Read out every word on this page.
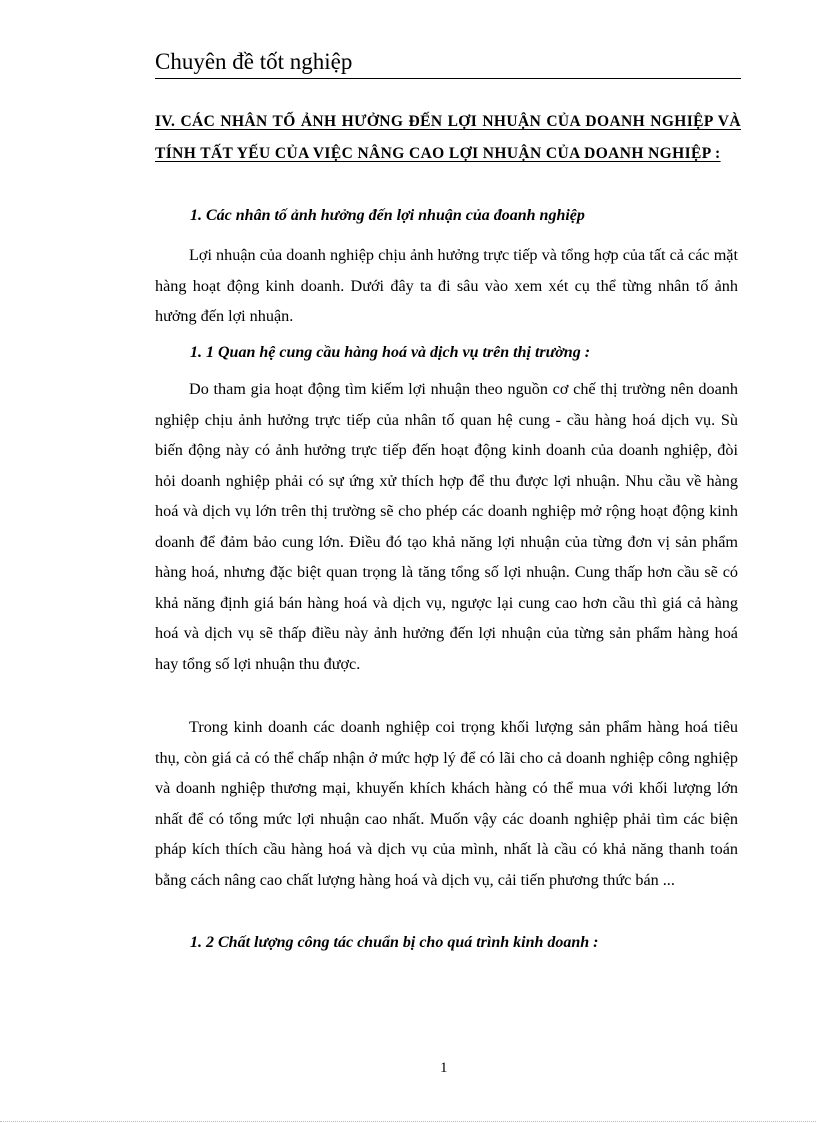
Chuyên đề tốt nghiệp
IV. CÁC NHÂN TỐ ẢNH HƯỞNG ĐẾN LỢI NHUẬN CỦA DOANH NGHIỆP VÀ TÍNH TẤT YẾU CỦA VIỆC NÂNG CAO LỢI NHUẬN CỦA DOANH NGHIỆP :
1. Các nhân tố ảnh hưởng đến lợi nhuận của đoanh nghiệp

Lợi nhuận của doanh nghiệp chịu ảnh hưởng trực tiếp và tổng hợp của tất cả các mặt hàng hoạt động kinh doanh. Dưới đây ta đi sâu vào xem xét cụ thể từng nhân tố ảnh hưởng đến lợi nhuận.

1. 1 Quan hệ cung cầu hàng hoá và dịch vụ trên thị trường :

Do tham gia hoạt động tìm kiếm lợi nhuận theo nguồn cơ chế thị trường nên doanh nghiệp chịu ảnh hưởng trực tiếp của nhân tố quan hệ cung - cầu hàng hoá dịch vụ. Sù biến động này có ảnh hưởng trực tiếp đến hoạt động kinh doanh của doanh nghiệp, đòi hỏi doanh nghiệp phải có sự ứng xử thích hợp để thu được lợi nhuận. Nhu cầu về hàng hoá và dịch vụ lớn trên thị trường sẽ cho phép các doanh nghiệp mở rộng hoạt động kinh doanh để đảm bảo cung lớn. Điều đó tạo khả năng lợi nhuận của từng đơn vị sản phẩm hàng hoá, nhưng đặc biệt quan trọng là tăng tổng số lợi nhuận. Cung thấp hơn cầu sẽ có khả năng định giá bán hàng hoá và dịch vụ, ngược lại cung cao hơn cầu thì giá cả hàng hoá và dịch vụ sẽ thấp điều này ảnh hưởng đến lợi nhuận của từng sản phẩm hàng hoá hay tổng số lợi nhuận thu được.

Trong kinh doanh các doanh nghiệp coi trọng khối lượng sản phẩm hàng hoá tiêu thụ, còn giá cả có thể chấp nhận ở mức hợp lý để có lãi cho cả doanh nghiệp công nghiệp và doanh nghiệp thương mại, khuyến khích khách hàng có thể mua với khối lượng lớn nhất để có tổng mức lợi nhuận cao nhất. Muốn vậy các doanh nghiệp phải tìm các biện pháp kích thích cầu hàng hoá và dịch vụ của mình, nhất là cầu có khả năng thanh toán bằng cách nâng cao chất lượng hàng hoá và dịch vụ, cải tiến phương thức bán ...

1. 2 Chất lượng công tác chuẩn bị cho quá trình kinh doanh :
1
